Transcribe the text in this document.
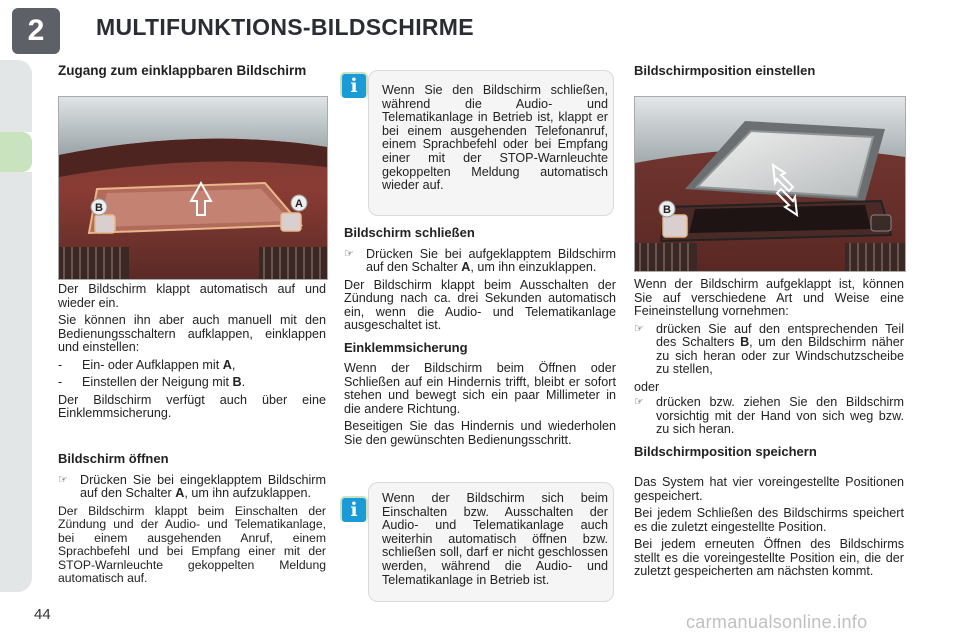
2	MULTIFUNKTIONS-BILDSCHIRME
Zugang zum einklappbaren Bildschirm
B	A

Der Bildschirm klappt automatisch auf und wieder ein.

Sie können ihn aber auch manuell mit den Bedienungsschaltern aufklappen, einklappen und einstellen:

-	Ein- oder Aufklappen mit A,
-	Einstellen der Neigung mit B.

Der Bildschirm verfügt auch über eine Einklemmsicherung.

Bildschirm öffnen
☞ Drücken Sie bei eingeklapptem Bildschirm auf den Schalter A, um ihn aufzuklappen.

Der Bildschirm klappt beim Einschalten der Zündung und der Audio- und Telematikanlage, bei einem ausgehenden Anruf, einem Sprachbefehl und bei Empfang einer mit der STOP-Warnleuchte gekoppelten Meldung automatisch auf.

Wenn Sie den Bildschirm schließen, während die Audio- und Telematikanlage in Betrieb ist, klappt er bei einem ausgehenden Telefonanruf, einem Sprachbefehl oder bei Empfang einer mit der STOP-Warnleuchte gekoppelten Meldung automatisch wieder auf.
i
Bildschirm schließen
☞ Drücken Sie bei aufgeklapptem Bildschirm auf den Schalter A, um ihn einzuklappen.

Der Bildschirm klappt beim Ausschalten der Zündung nach ca. drei Sekunden automatisch ein, wenn die Audio- und Telematikanlage ausgeschaltet ist.

Einklemmsicherung

Wenn der Bildschirm beim Öffnen oder Schließen auf ein Hindernis trifft, bleibt er sofort stehen und bewegt sich ein paar Millimeter in die andere Richtung.

Beseitigen Sie das Hindernis und wiederholen Sie den gewünschten Bedienungsschritt.

Wenn der Bildschirm sich beim Einschalten bzw. Ausschalten der Audio- und Telematikanlage auch weiterhin automatisch öffnen bzw. schließen soll, darf er nicht geschlossen werden, während die Audio- und Telematikanlage in Betrieb ist.
i
Bildschirmposition einstellen
B

Wenn der Bildschirm aufgeklappt ist, können Sie auf verschiedene Art und Weise eine Feineinstellung vornehmen:

☞ drücken Sie auf den entsprechenden Teil des Schalters B, um den Bildschirm näher zu sich heran oder zur Windschutzscheibe zu stellen,

oder

☞ drücken bzw. ziehen Sie den Bildschirm vorsichtig mit der Hand von sich weg bzw. zu sich heran.
Bildschirmposition speichern

Das System hat vier voreingestellte Positionen gespeichert.

Bei jedem Schließen des Bildschirms speichert es die zuletzt eingestellte Position.

Bei jedem erneuten Öffnen des Bildschirms stellt es die voreingestellte Position ein, die der zuletzt gespeicherten am nächsten kommt.

44	carmanualsonline.info
